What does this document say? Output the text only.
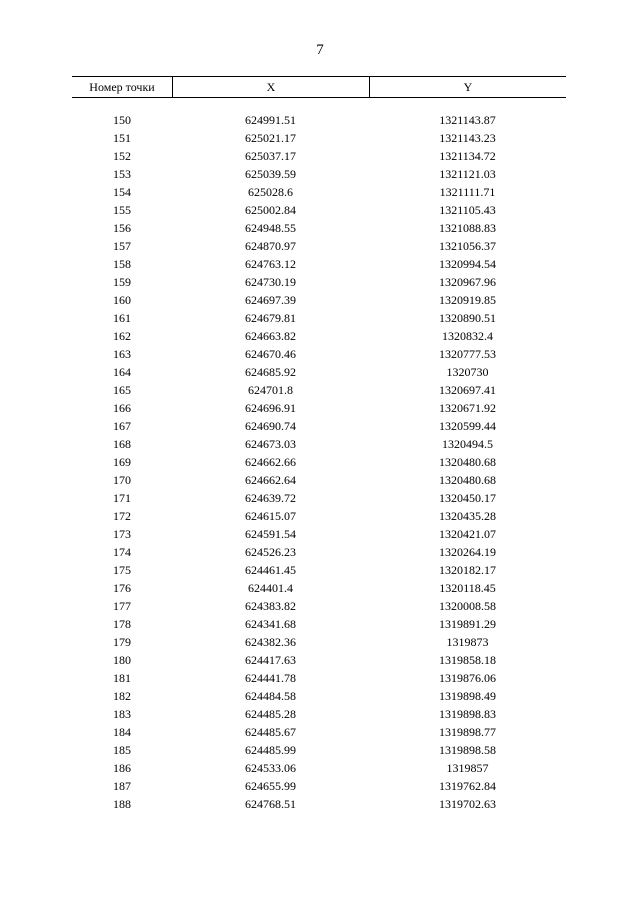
7
Номер точки	X	Y
150	624991.51	1321143.87
151	625021.17	1321143.23
152	625037.17	1321134.72
153	625039.59	1321121.03
154	625028.6	1321111.71
155	625002.84	1321105.43
156	624948.55	1321088.83
157	624870.97	1321056.37
158	624763.12	1320994.54
159	624730.19	1320967.96
160	624697.39	1320919.85
161	624679.81	1320890.51
162	624663.82	1320832.4
163	624670.46	1320777.53
164	624685.92	1320730
165	624701.8	1320697.41
166	624696.91	1320671.92
167	624690.74	1320599.44
168	624673.03	1320494.5
169	624662.66	1320480.68
170	624662.64	1320480.68
171	624639.72	1320450.17
172	624615.07	1320435.28
173	624591.54	1320421.07
174	624526.23	1320264.19
175	624461.45	1320182.17
176	624401.4	1320118.45
177	624383.82	1320008.58
178	624341.68	1319891.29
179	624382.36	1319873
180	624417.63	1319858.18
181	624441.78	1319876.06
182	624484.58	1319898.49
183	624485.28	1319898.83
184	624485.67	1319898.77
185	624485.99	1319898.58
186	624533.06	1319857
187	624655.99	1319762.84
188	624768.51	1319702.63
